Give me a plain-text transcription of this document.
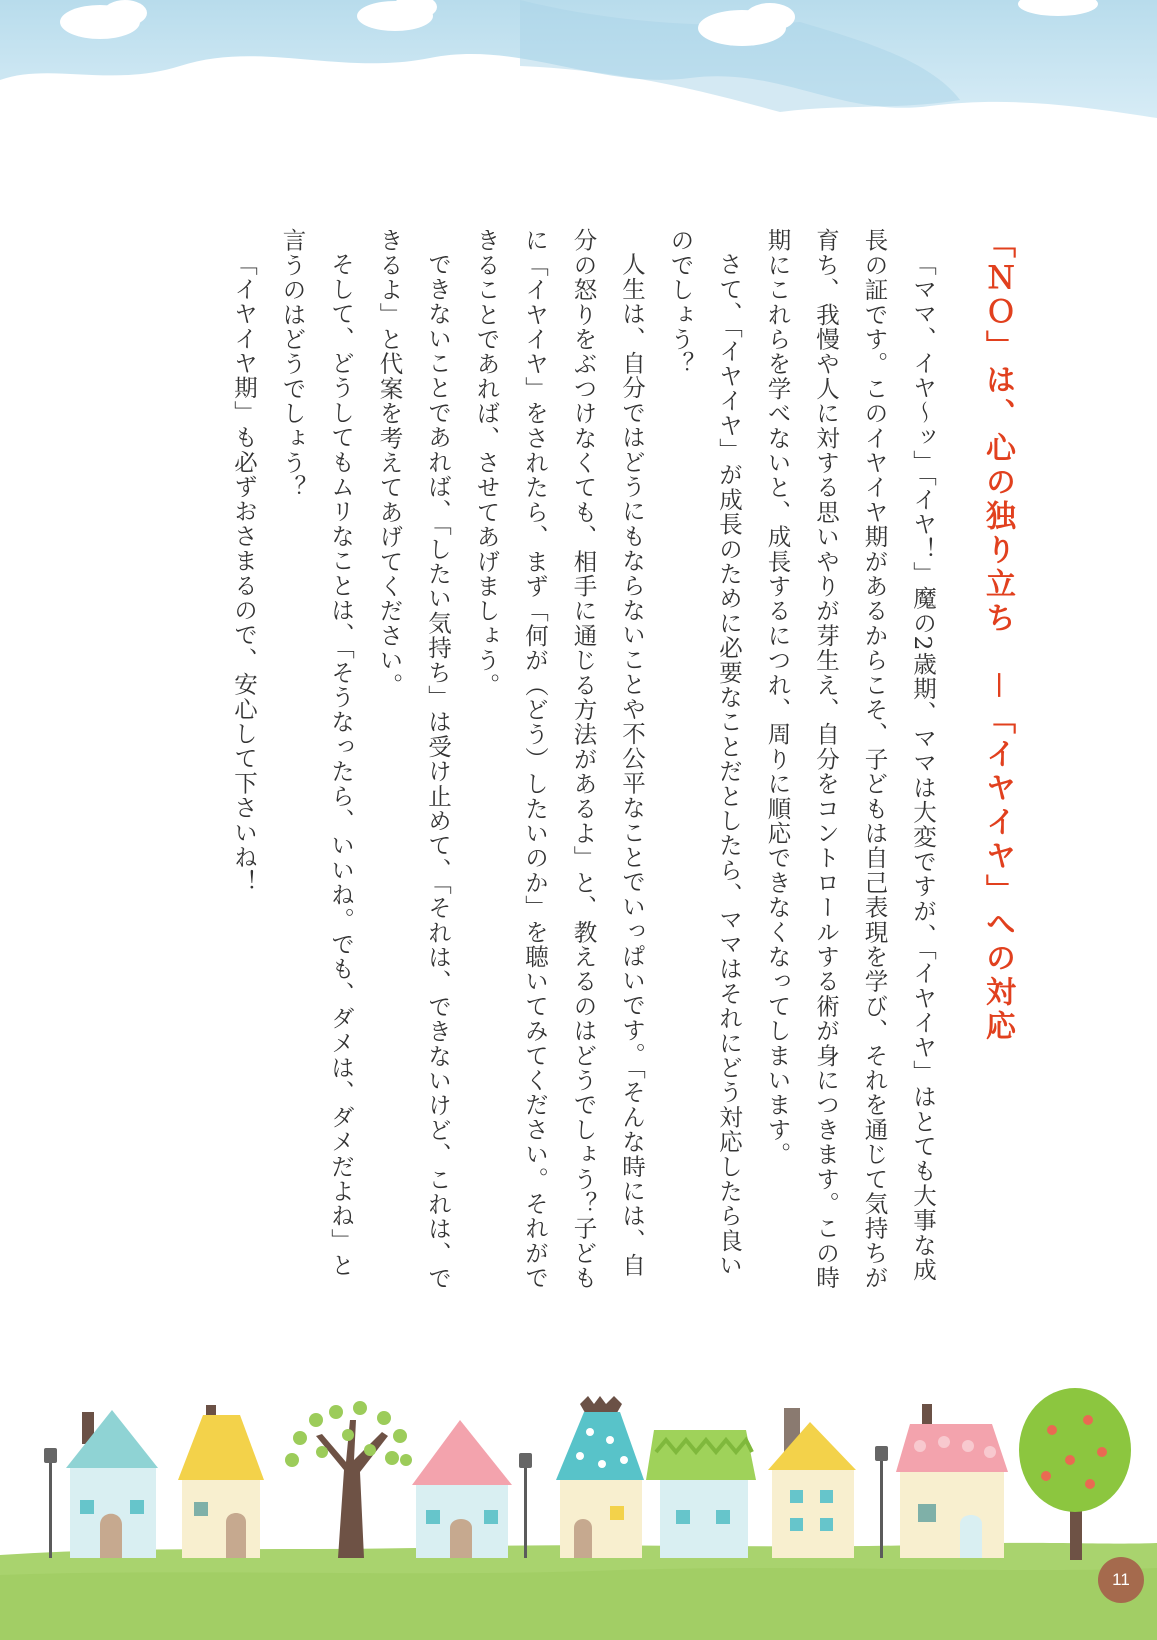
「ＮＯ」は、心の独り立ち　－「イヤイヤ」への対応

「ママ、イヤ～ッ」「イヤ！」魔の2歳期、ママは大変ですが、「イヤイヤ」はとても大事な成長の証です。このイヤイヤ期があるからこそ、子どもは自己表現を学び、それを通じて気持ちが育ち、我慢や人に対する思いやりが芽生え、自分をコントロールする術が身につきます。この時期にこれらを学べないと、成長するにつれ、周りに順応できなくなってしまいます。

さて、「イヤイヤ」が成長のために必要なことだとしたら、ママはそれにどう対応したら良いのでしょう？

人生は、自分ではどうにもならないことや不公平なことでいっぱいです。「そんな時には、自分の怒りをぶつけなくても、相手に通じる方法があるよ」と、教えるのはどうでしょう？子どもに「イヤイヤ」をされたら、まず「何が（どう）したいのか」を聴いてみてください。それができることであれば、させてあげましょう。

できないことであれば、「したい気持ち」は受け止めて、「それは、できないけど、これは、できるよ」と代案を考えてあげてください。

そして、どうしてもムリなことは、「そうなったら、いいね。でも、ダメは、ダメだよね」と言うのはどうでしょう？

「イヤイヤ期」も必ずおさまるので、安心して下さいね！

11
